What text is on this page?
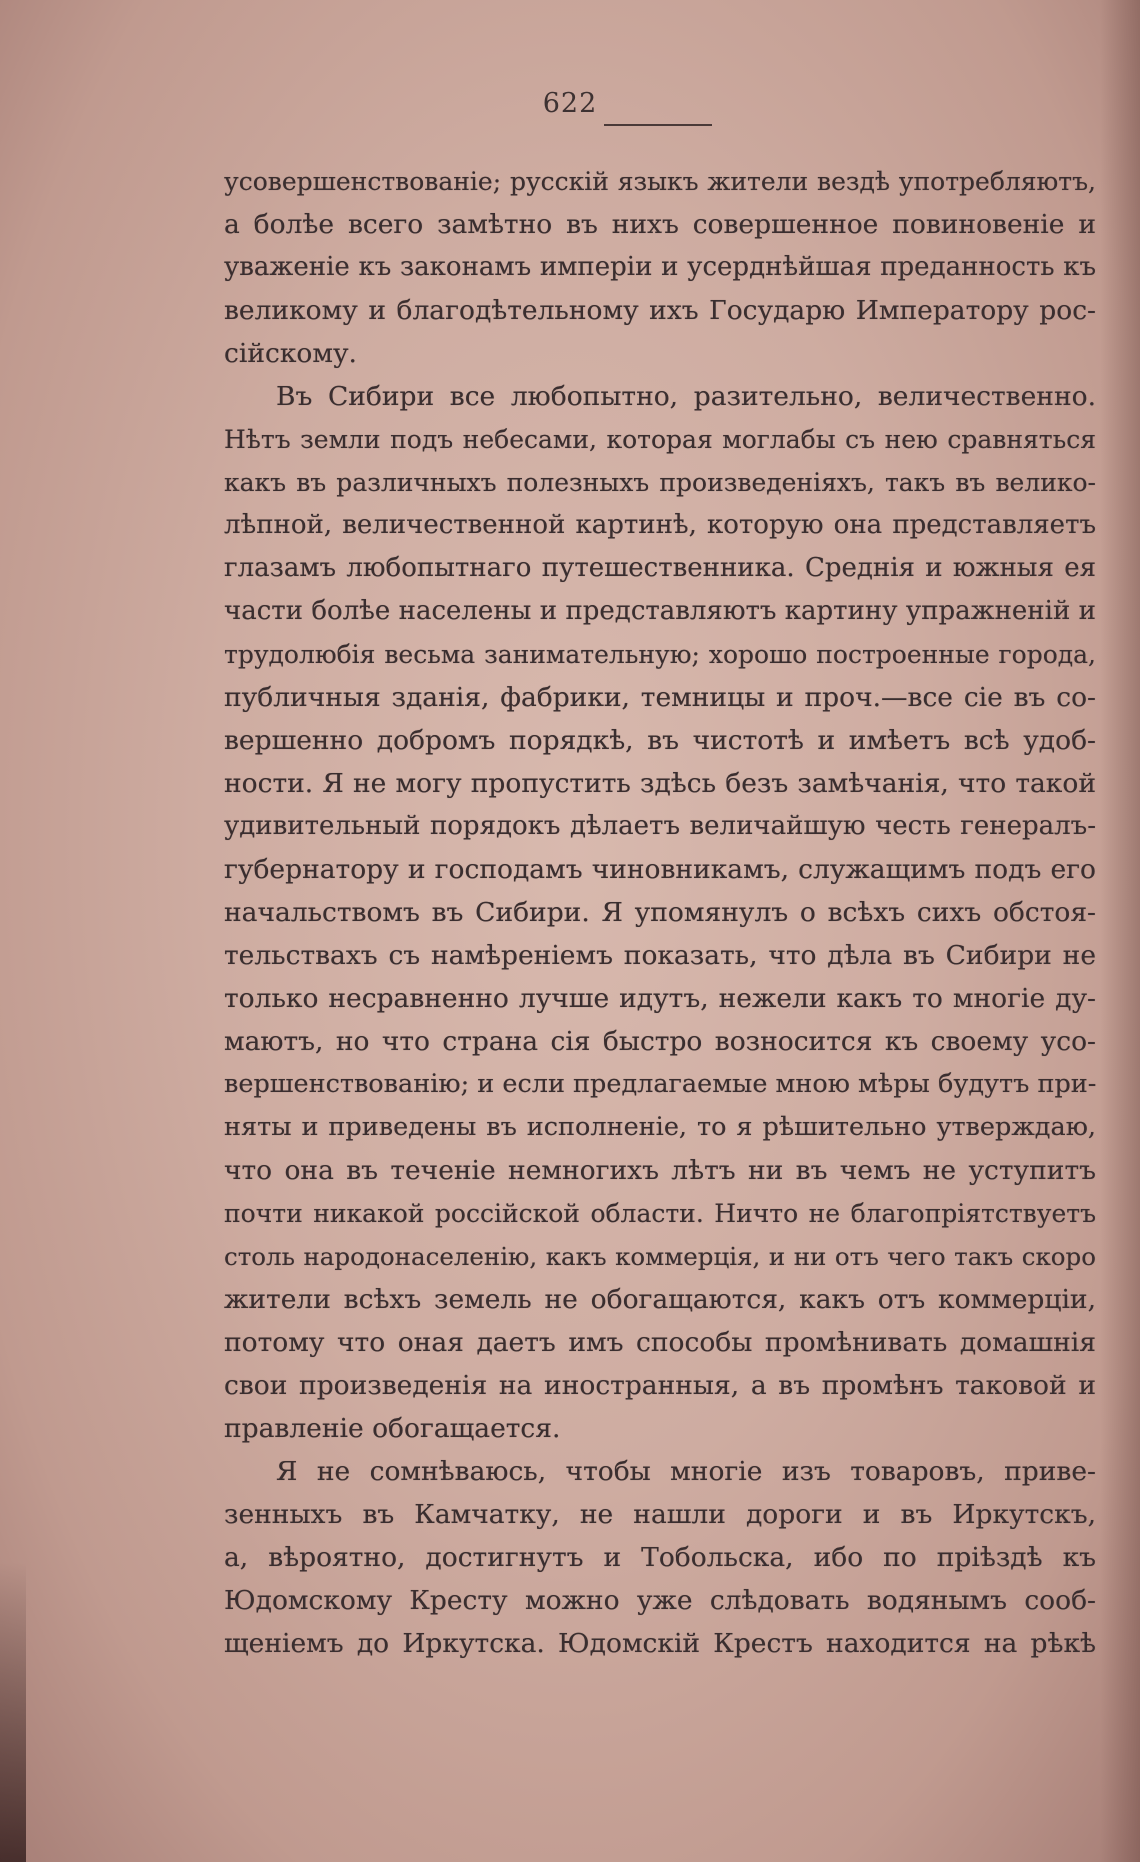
622
усовершенствованіе; русскій языкъ жители вездѣ употребляютъ,
а болѣе всего замѣтно въ нихъ совершенное повиновеніе и
уваженіе къ законамъ имперіи и усерднѣйшая преданность къ
великому и благодѣтельному ихъ Государю Императору рос-
сійскому.
Въ Сибири все любопытно, разительно, величественно.
Нѣтъ земли подъ небесами, которая моглабы съ нею сравняться
какъ въ различныхъ полезныхъ произведеніяхъ, такъ въ велико-
лѣпной, величественной картинѣ, которую она представляетъ
глазамъ любопытнаго путешественника. Среднія и южныя ея
части болѣе населены и представляютъ картину упражненій и
трудолюбія весьма занимательную; хорошо построенные города,
публичныя зданія, фабрики, темницы и проч.—все сіе въ со-
вершенно добромъ порядкѣ, въ чистотѣ и имѣетъ всѣ удоб-
ности. Я не могу пропустить здѣсь безъ замѣчанія, что такой
удивительный порядокъ дѣлаетъ величайшую честь генералъ-
губернатору и господамъ чиновникамъ, служащимъ подъ его
начальствомъ въ Сибири. Я упомянулъ о всѣхъ сихъ обстоя-
тельствахъ съ намѣреніемъ показать, что дѣла въ Сибири не
только несравненно лучше идутъ, нежели какъ то многіе ду-
маютъ, но что страна сія быстро возносится къ своему усо-
вершенствованію; и если предлагаемые мною мѣры будутъ при-
няты и приведены въ исполненіе, то я рѣшительно утверждаю,
что она въ теченіе немногихъ лѣтъ ни въ чемъ не уступитъ
почти никакой россійской области. Ничто не благопріятствуетъ
столь народонаселенію, какъ коммерція, и ни отъ чего такъ скоро
жители всѣхъ земель не обогащаются, какъ отъ коммерціи,
потому что оная даетъ имъ способы промѣнивать домашнія
свои произведенія на иностранныя, а въ промѣнъ таковой и
правленіе обогащается.
Я не сомнѣваюсь, чтобы многіе изъ товаровъ, приве-
зенныхъ въ Камчатку, не нашли дороги и въ Иркутскъ,
а, вѣроятно, достигнутъ и Тобольска, ибо по пріѣздѣ къ
Юдомскому Кресту можно уже слѣдовать водянымъ сооб-
щеніемъ до Иркутска. Юдомскій Крестъ находится на рѣкѣ
